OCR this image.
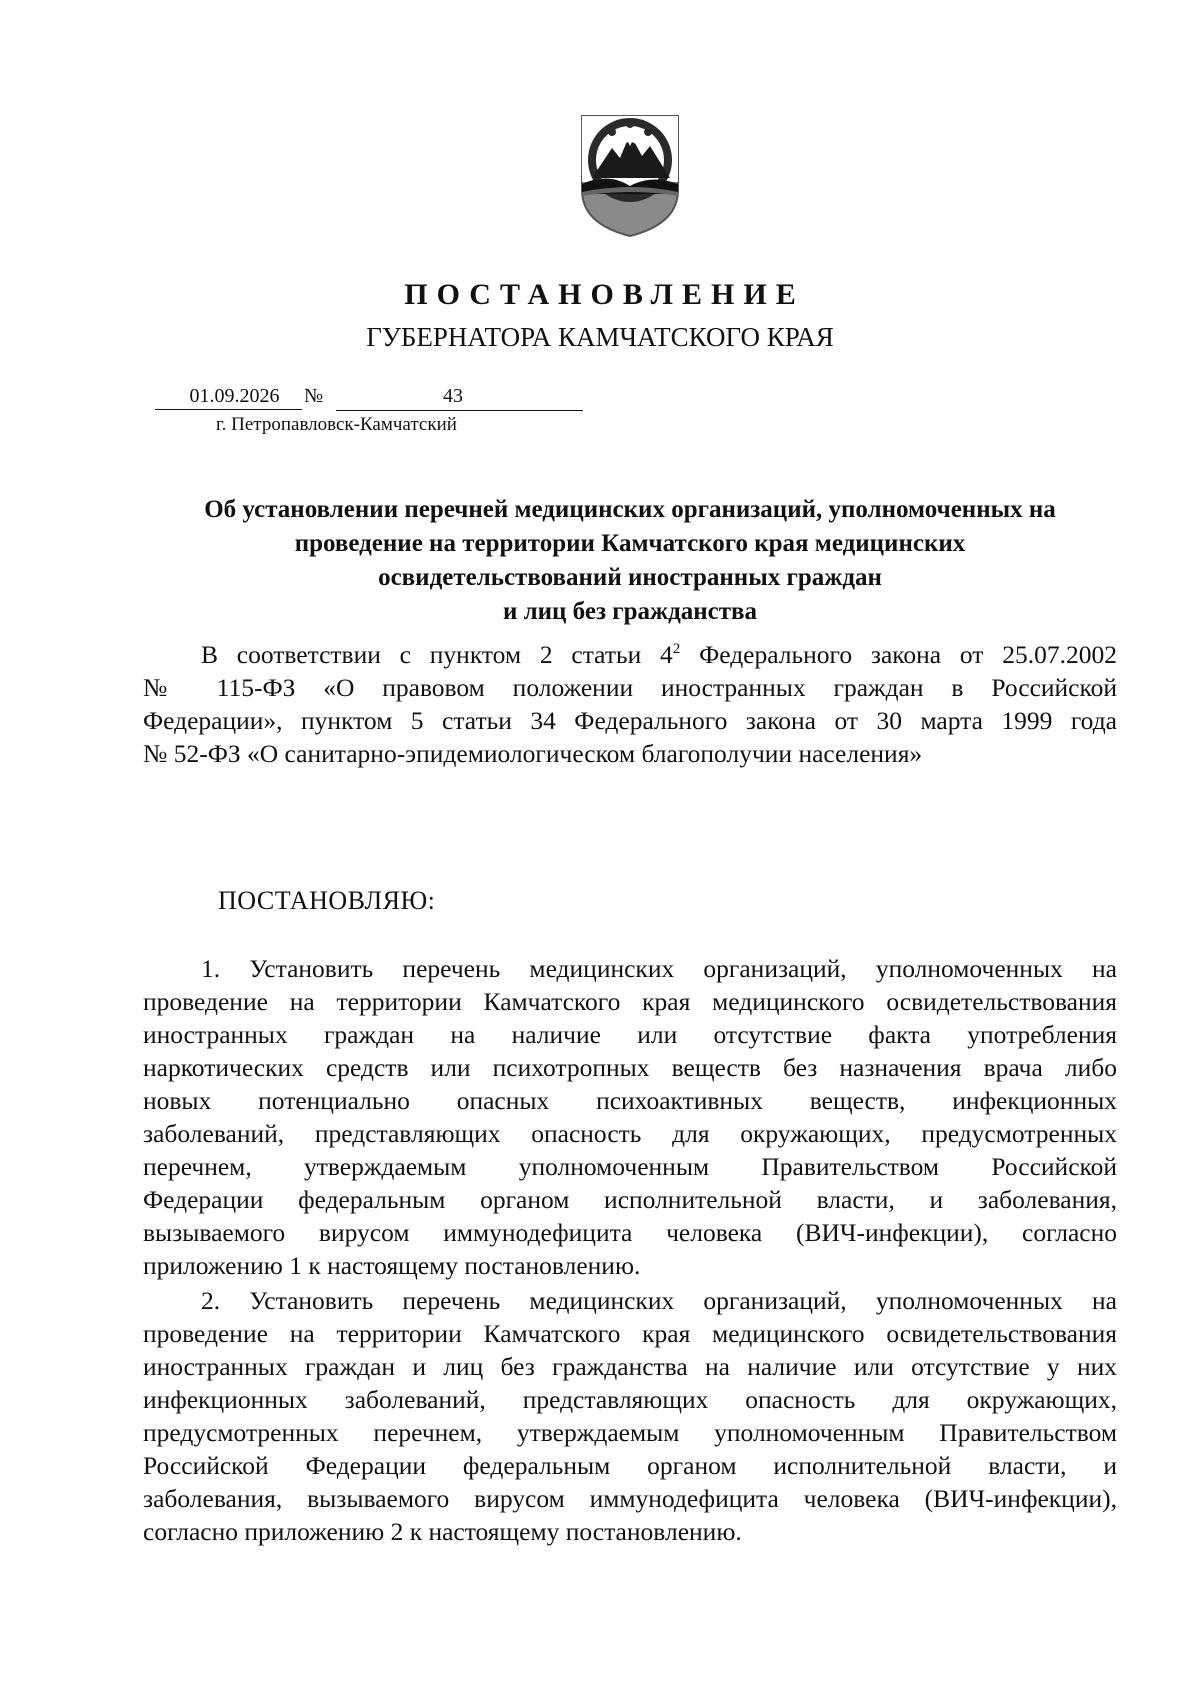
ПОСТАНОВЛЕНИЕ
ГУБЕРНАТОРА КАМЧАТСКОГО КРАЯ
01.09.2026	№	43
г. Петропавловск-Камчатский
Об установлении перечней медицинских организаций, уполномоченных на
проведение на территории Камчатского края медицинских
освидетельствований иностранных граждан
и лиц без гражданства
В соответствии с пунктом 2 статьи $4^2$ Федерального закона от 25.07.2002
№ 115-ФЗ «О правовом положении иностранных граждан в Российской
Федерации», пунктом 5 статьи 34 Федерального закона от 30 марта 1999 года
№ 52-ФЗ «О санитарно-эпидемиологическом благополучии населения»
ПОСТАНОВЛЯЮ:
1. Установить перечень медицинских организаций, уполномоченных на
проведение на территории Камчатского края медицинского освидетельствования
иностранных граждан на наличие или отсутствие факта употребления
наркотических средств или психотропных веществ без назначения врача либо
новых потенциально опасных психоактивных веществ, инфекционных
заболеваний, представляющих опасность для окружающих, предусмотренных
перечнем, утверждаемым уполномоченным Правительством Российской
Федерации федеральным органом исполнительной власти, и заболевания,
вызываемого вирусом иммунодефицита человека (ВИЧ-инфекции), согласно
приложению 1 к настоящему постановлению.
2. Установить перечень медицинских организаций, уполномоченных на
проведение на территории Камчатского края медицинского освидетельствования
иностранных граждан и лиц без гражданства на наличие или отсутствие у них
инфекционных заболеваний, представляющих опасность для окружающих,
предусмотренных перечнем, утверждаемым уполномоченным Правительством
Российской Федерации федеральным органом исполнительной власти, и
заболевания, вызываемого вирусом иммунодефицита человека (ВИЧ-инфекции),
согласно приложению 2 к настоящему постановлению.
